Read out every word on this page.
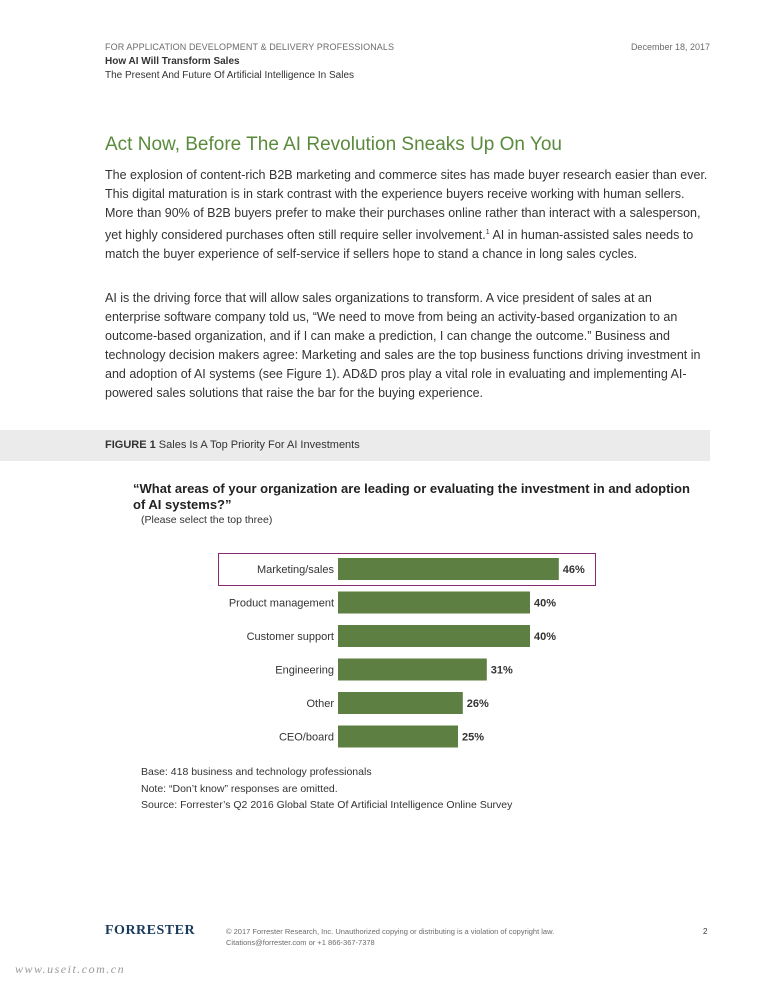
FOR APPLICATION DEVELOPMENT & DELIVERY PROFESSIONALS	December 18, 2017
How AI Will Transform Sales
The Present And Future Of Artificial Intelligence In Sales
Act Now, Before The AI Revolution Sneaks Up On You
The explosion of content-rich B2B marketing and commerce sites has made buyer research easier than ever. This digital maturation is in stark contrast with the experience buyers receive working with human sellers. More than 90% of B2B buyers prefer to make their purchases online rather than interact with a salesperson, yet highly considered purchases often still require seller involvement.$^1$ AI in human-assisted sales needs to match the buyer experience of self-service if sellers hope to stand a chance in long sales cycles.
AI is the driving force that will allow sales organizations to transform. A vice president of sales at an enterprise software company told us, “We need to move from being an activity-based organization to an outcome-based organization, and if I can make a prediction, I can change the outcome.” Business and technology decision makers agree: Marketing and sales are the top business functions driving investment in and adoption of AI systems (see Figure 1). AD&D pros play a vital role in evaluating and implementing AI-powered sales solutions that raise the bar for the buying experience.
FIGURE 1 Sales Is A Top Priority For AI Investments
“What areas of your organization are leading or evaluating the investment in and adoption of AI systems?”
(Please select the top three)
Marketing/sales	46%
Product management	40%
Customer support	40%
Engineering	31%
Other	26%
CEO/board	25%
Base: 418 business and technology professionals
Note: “Don’t know” responses are omitted.
Source: Forrester’s Q2 2016 Global State Of Artificial Intelligence Online Survey
FORRESTER	© 2017 Forrester Research, Inc. Unauthorized copying or distributing is a violation of copyright law.
Citations@forrester.com or +1 866-367-7378
2
www.useit.com.cn
